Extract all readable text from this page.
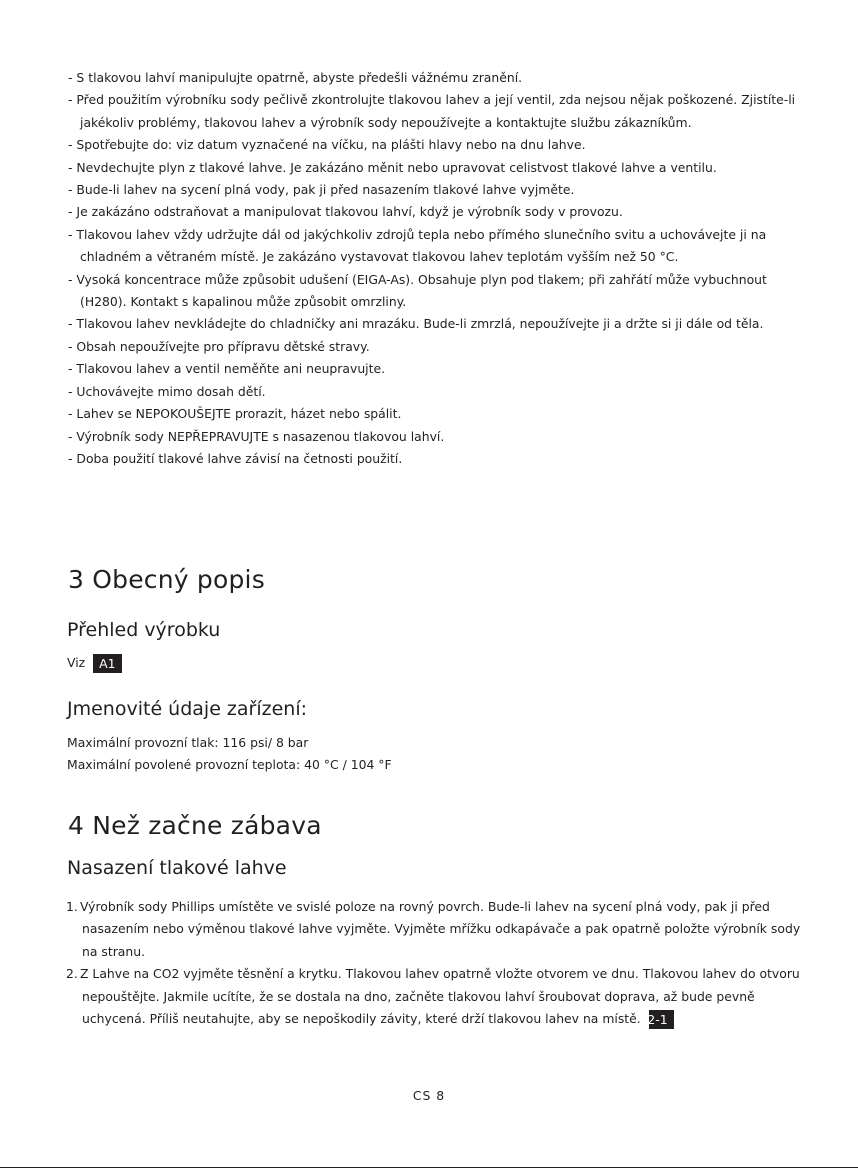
- S tlakovou lahví manipulujte opatrně, abyste předešli vážnému zranění.
- Před použitím výrobníku sody pečlivě zkontrolujte tlakovou lahev a její ventil, zda nejsou nějak poškozené. Zjistíte-li jakékoliv problémy, tlakovou lahev a výrobník sody nepoužívejte a kontaktujte službu zákazníkům.
- Spotřebujte do: viz datum vyznačené na víčku, na plášti hlavy nebo na dnu lahve.
- Nevdechujte plyn z tlakové lahve. Je zakázáno měnit nebo upravovat celistvost tlakové lahve a ventilu.
- Bude-li lahev na sycení plná vody, pak ji před nasazením tlakové lahve vyjměte.
- Je zakázáno odstraňovat a manipulovat tlakovou lahví, když je výrobník sody v provozu.
- Tlakovou lahev vždy udržujte dál od jakýchkoliv zdrojů tepla nebo přímého slunečního svitu a uchovávejte ji na chladném a větraném místě. Je zakázáno vystavovat tlakovou lahev teplotám vyšším než 50 °C.
- Vysoká koncentrace může způsobit udušení (EIGA-As). Obsahuje plyn pod tlakem; při zahřátí může vybuchnout (H280). Kontakt s kapalinou může způsobit omrzliny.
- Tlakovou lahev nevkládejte do chladničky ani mrazáku. Bude-li zmrzlá, nepoužívejte ji a držte si ji dále od těla.
- Obsah nepoužívejte pro přípravu dětské stravy.
- Tlakovou lahev a ventil neměňte ani neupravujte.
- Uchovávejte mimo dosah dětí.
- Lahev se NEPOKOUŠEJTE prorazit, házet nebo spálit.
- Výrobník sody NEPŘEPRAVUJTE s nasazenou tlakovou lahví.
- Doba použití tlakové lahve závisí na četnosti použití.
3 Obecný popis
Přehled výrobku

Viz A1

Jmenovité údaje zařízení:

Maximální provozní tlak: 116 psi/ 8 bar

Maximální povolené provozní teplota: 40 °C / 104 °F

4 Než začne zábava
Nasazení tlakové lahve
1. Výrobník sody Phillips umístěte ve svislé poloze na rovný povrch. Bude-li lahev na sycení plná vody, pak ji před nasazením nebo výměnou tlakové lahve vyjměte. Vyjměte mřížku odkapávače a pak opatrně položte výrobník sody na stranu.
2. Z Lahve na CO2 vyjměte těsnění a krytku. Tlakovou lahev opatrně vložte otvorem ve dnu. Tlakovou lahev do otvoru nepouštějte. Jakmile ucítíte, že se dostala na dno, začněte tlakovou lahví šroubovat doprava, až bude pevně uchycená. Příliš neutahujte, aby se nepoškodily závity, které drží tlakovou lahev na místě. A2-1
CS 8
